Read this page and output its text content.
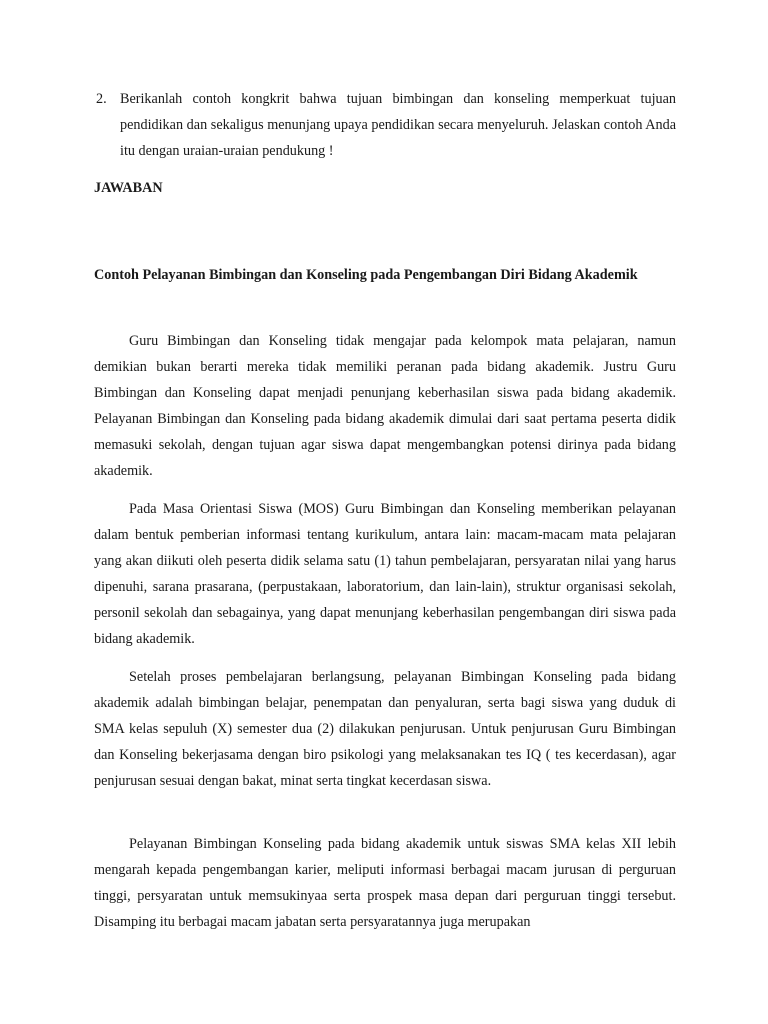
2. Berikanlah contoh kongkrit bahwa tujuan bimbingan dan konseling memperkuat tujuan pendidikan dan sekaligus menunjang upaya pendidikan secara menyeluruh. Jelaskan contoh Anda itu dengan uraian-uraian pendukung !
JAWABAN
Contoh Pelayanan Bimbingan dan Konseling pada Pengembangan Diri Bidang Akademik

Guru Bimbingan dan Konseling tidak mengajar pada kelompok mata pelajaran, namun demikian bukan berarti mereka tidak memiliki peranan pada bidang akademik. Justru Guru Bimbingan dan Konseling dapat menjadi penunjang keberhasilan siswa pada bidang akademik. Pelayanan Bimbingan dan Konseling pada bidang akademik dimulai dari saat pertama peserta didik memasuki sekolah, dengan tujuan agar siswa dapat mengembangkan potensi dirinya pada bidang akademik.

Pada Masa Orientasi Siswa (MOS) Guru Bimbingan dan Konseling memberikan pelayanan dalam bentuk pemberian informasi tentang kurikulum, antara lain: macam-macam mata pelajaran yang akan diikuti oleh peserta didik selama satu (1) tahun pembelajaran, persyaratan nilai yang harus dipenuhi, sarana prasarana, (perpustakaan, laboratorium, dan lain-lain), struktur organisasi sekolah, personil sekolah dan sebagainya, yang dapat menunjang keberhasilan pengembangan diri siswa pada bidang akademik.

Setelah proses pembelajaran berlangsung, pelayanan Bimbingan Konseling pada bidang akademik adalah bimbingan belajar, penempatan dan penyaluran, serta bagi siswa yang duduk di SMA kelas sepuluh (X) semester dua (2) dilakukan penjurusan. Untuk penjurusan Guru Bimbingan dan Konseling bekerjasama dengan biro psikologi yang melaksanakan tes IQ ( tes kecerdasan), agar penjurusan sesuai dengan bakat, minat serta tingkat kecerdasan siswa.

Pelayanan Bimbingan Konseling pada bidang akademik untuk siswas SMA kelas XII lebih mengarah kepada pengembangan karier, meliputi informasi berbagai macam jurusan di perguruan tinggi, persyaratan untuk memsukinyaa serta prospek masa depan dari perguruan tinggi tersebut. Disamping itu berbagai macam jabatan serta persyaratannya juga merupakan
